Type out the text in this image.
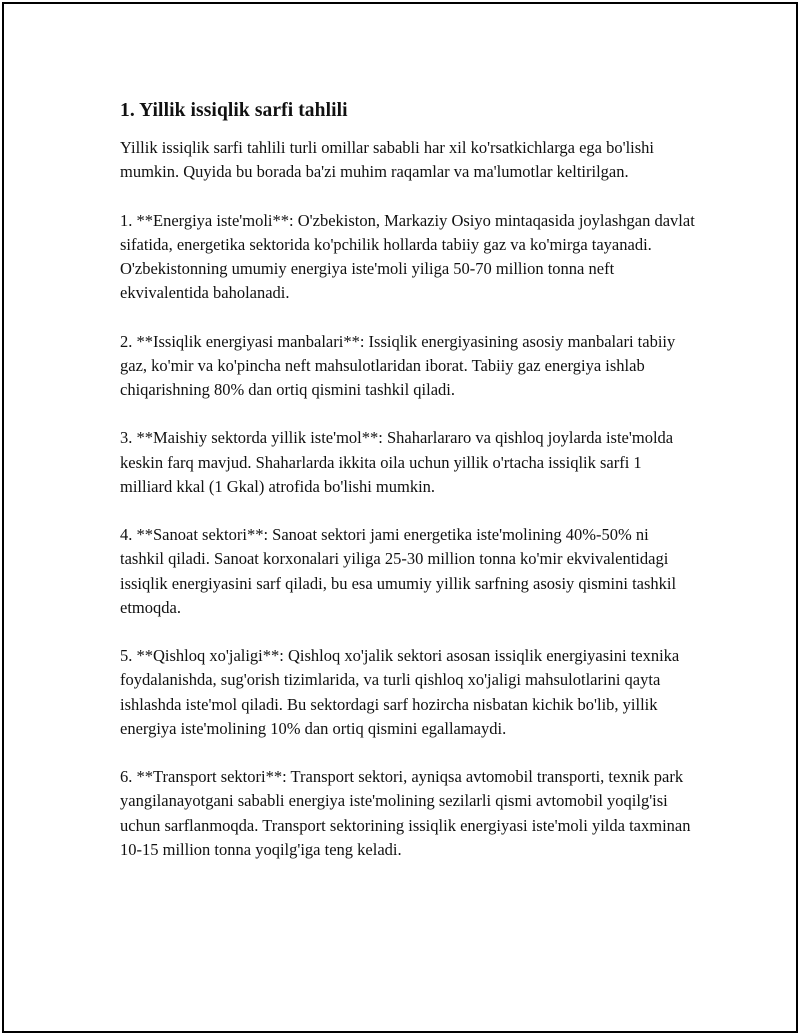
1. Yillik issiqlik sarfi tahlili

Yillik issiqlik sarfi tahlili turli omillar sababli har xil ko'rsatkichlarga ega bo'lishi mumkin. Quyida bu borada ba'zi muhim raqamlar va ma'lumotlar keltirilgan.

1. **Energiya iste'moli**: O'zbekiston, Markaziy Osiyo mintaqasida joylashgan davlat sifatida, energetika sektorida ko'pchilik hollarda tabiiy gaz va ko'mirga tayanadi. O'zbekistonning umumiy energiya iste'moli yiliga 50-70 million tonna neft ekvivalentida baholanadi.

2. **Issiqlik energiyasi manbalari**: Issiqlik energiyasining asosiy manbalari tabiiy gaz, ko'mir va ko'pincha neft mahsulotlaridan iborat. Tabiiy gaz energiya ishlab chiqarishning 80% dan ortiq qismini tashkil qiladi.

3. **Maishiy sektorda yillik iste'mol**: Shaharlararo va qishloq joylarda iste'molda keskin farq mavjud. Shaharlarda ikkita oila uchun yillik o'rtacha issiqlik sarfi 1 milliard kkal (1 Gkal) atrofida bo'lishi mumkin.

4. **Sanoat sektori**: Sanoat sektori jami energetika iste'molining 40%-50% ni tashkil qiladi. Sanoat korxonalari yiliga 25-30 million tonna ko'mir ekvivalentidagi issiqlik energiyasini sarf qiladi, bu esa umumiy yillik sarfning asosiy qismini tashkil etmoqda.

5. **Qishloq xo'jaligi**: Qishloq xo'jalik sektori asosan issiqlik energiyasini texnika foydalanishda, sug'orish tizimlarida, va turli qishloq xo'jaligi mahsulotlarini qayta ishlashda iste'mol qiladi. Bu sektordagi sarf hozircha nisbatan kichik bo'lib, yillik energiya iste'molining 10% dan ortiq qismini egallamaydi.

6. **Transport sektori**: Transport sektori, ayniqsa avtomobil transporti, texnik park yangilanayotgani sababli energiya iste'molining sezilarli qismi avtomobil yoqilg'isi uchun sarflanmoqda. Transport sektorining issiqlik energiyasi iste'moli yilda taxminan 10-15 million tonna yoqilg'iga teng keladi.
